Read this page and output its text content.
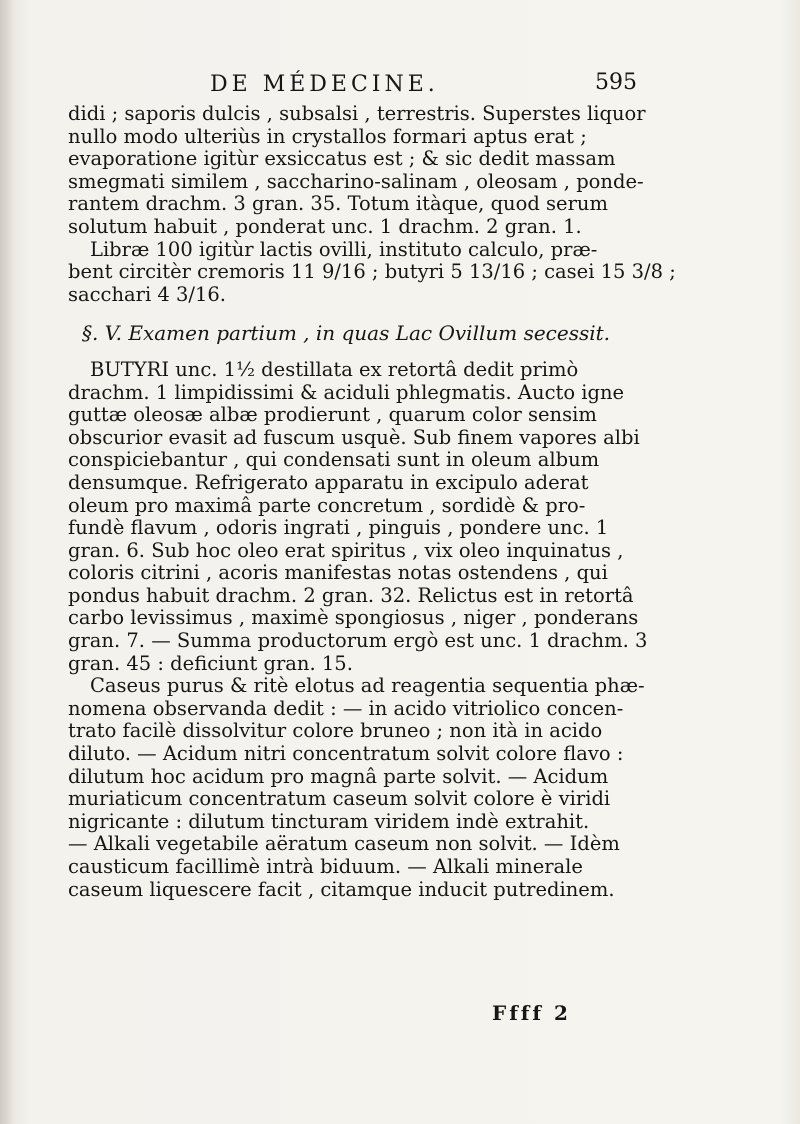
DE MÉDECINE.	595
didi ; saporis dulcis , subsalsi , terrestris. Superstes liquor
nullo modo ulteriùs in crystallos formari aptus erat ;
evaporatione igitùr exsiccatus est ; & sic dedit massam
smegmati similem , saccharino-salinam , oleosam , ponde-
rantem drachm. 3 gran. 35. Totum itàque, quod serum
solutum habuit , ponderat unc. 1 drachm. 2 gran. 1.
Libræ 100 igitùr lactis ovilli, instituto calculo, præ-
bent circitèr cremoris 11 9/16 ; butyri 5 13/16 ; casei 15 3/8 ;
sacchari 4 3/16.
§. V. Examen partium , in quas Lac Ovillum secessit.
BUTYRI unc. 1½ destillata ex retortâ dedit primò
drachm. 1 limpidissimi & aciduli phlegmatis. Aucto igne
guttæ oleosæ albæ prodierunt , quarum color sensim
obscurior evasit ad fuscum usquè. Sub finem vapores albi
conspiciebantur , qui condensati sunt in oleum album
densumque. Refrigerato apparatu in excipulo aderat
oleum pro maximâ parte concretum , sordidè & pro-
fundè flavum , odoris ingrati , pinguis , pondere unc. 1
gran. 6. Sub hoc oleo erat spiritus , vix oleo inquinatus ,
coloris citrini , acoris manifestas notas ostendens , qui
pondus habuit drachm. 2 gran. 32. Relictus est in retortâ
carbo levissimus , maximè spongiosus , niger , ponderans
gran. 7. — Summa productorum ergò est unc. 1 drachm. 3
gran. 45 : deficiunt gran. 15.
Caseus purus & ritè elotus ad reagentia sequentia phæ-
nomena observanda dedit : — in acido vitriolico concen-
trato facilè dissolvitur colore bruneo ; non ità in acido
diluto. — Acidum nitri concentratum solvit colore flavo :
dilutum hoc acidum pro magnâ parte solvit. — Acidum
muriaticum concentratum caseum solvit colore è viridi
nigricante : dilutum tincturam viridem indè extrahit.
— Alkali vegetabile aëratum caseum non solvit. — Idèm
causticum facillimè intrà biduum. — Alkali minerale
caseum liquescere facit , citamque inducit putredinem.
Ffff 2
